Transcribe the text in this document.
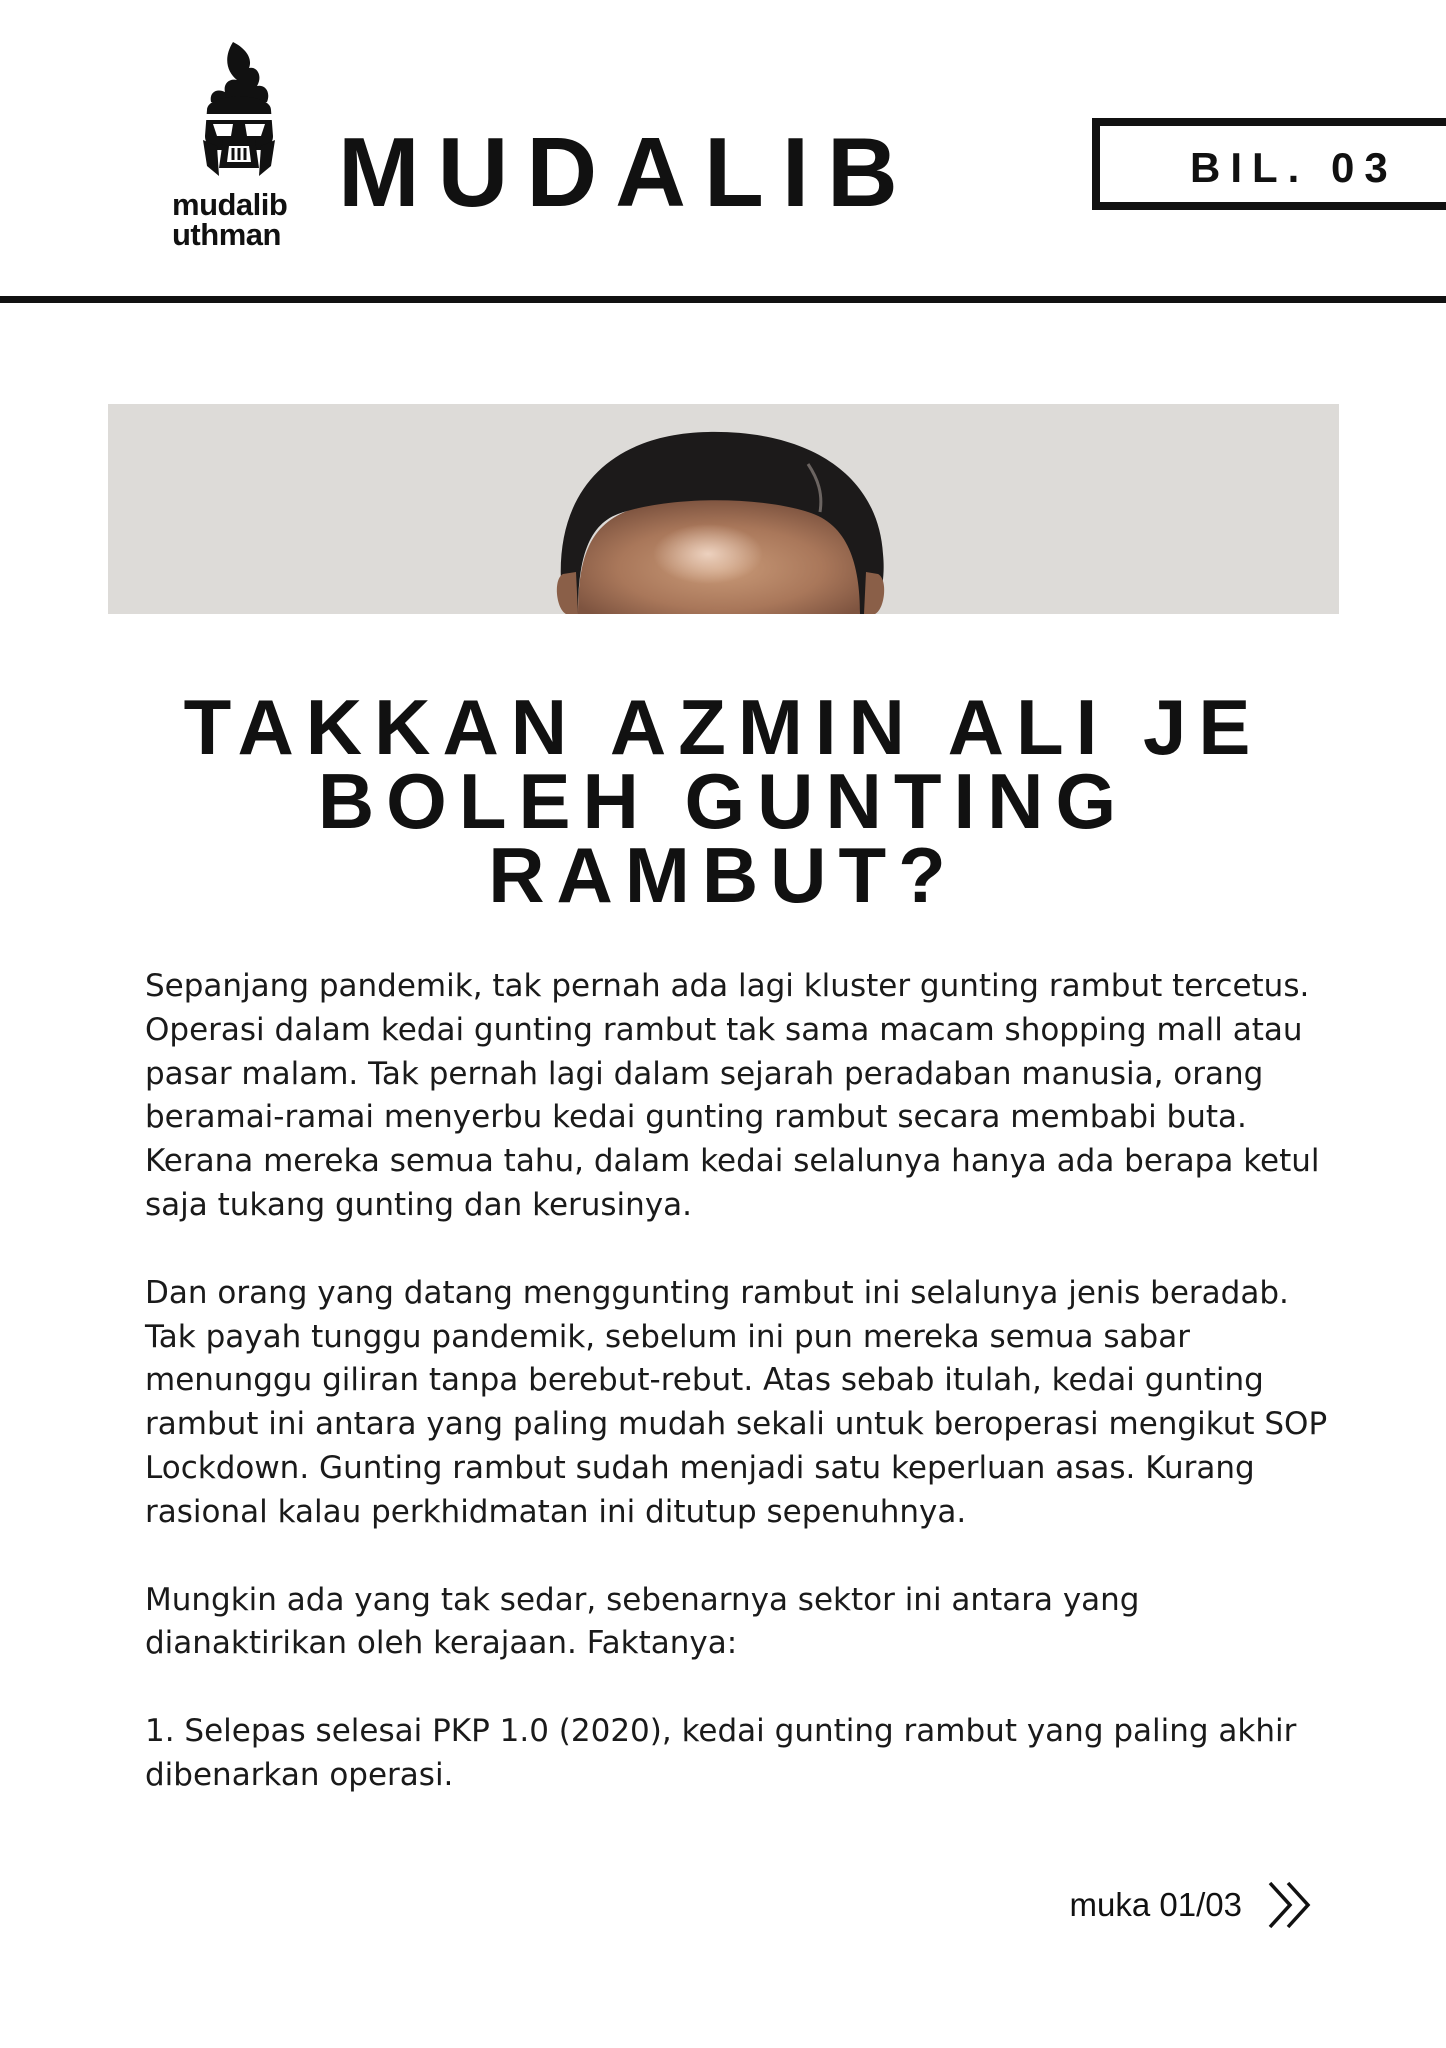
mudalib
uthman
MUDALIB	BIL. 03
TAKKAN AZMIN ALI JE BOLEH GUNTING RAMBUT?

Sepanjang pandemik, tak pernah ada lagi kluster gunting rambut tercetus. Operasi dalam kedai gunting rambut tak sama macam shopping mall atau pasar malam. Tak pernah lagi dalam sejarah peradaban manusia, orang beramai-ramai menyerbu kedai gunting rambut secara membabi buta. Kerana mereka semua tahu, dalam kedai selalunya hanya ada berapa ketul saja tukang gunting dan kerusinya.

Dan orang yang datang menggunting rambut ini selalunya jenis beradab. Tak payah tunggu pandemik, sebelum ini pun mereka semua sabar menunggu giliran tanpa berebut-rebut. Atas sebab itulah, kedai gunting rambut ini antara yang paling mudah sekali untuk beroperasi mengikut SOP Lockdown. Gunting rambut sudah menjadi satu keperluan asas. Kurang rasional kalau perkhidmatan ini ditutup sepenuhnya.

Mungkin ada yang tak sedar, sebenarnya sektor ini antara yang dianaktirikan oleh kerajaan. Faktanya:

1. Selepas selesai PKP 1.0 (2020), kedai gunting rambut yang paling akhir dibenarkan operasi.

muka 01/03
